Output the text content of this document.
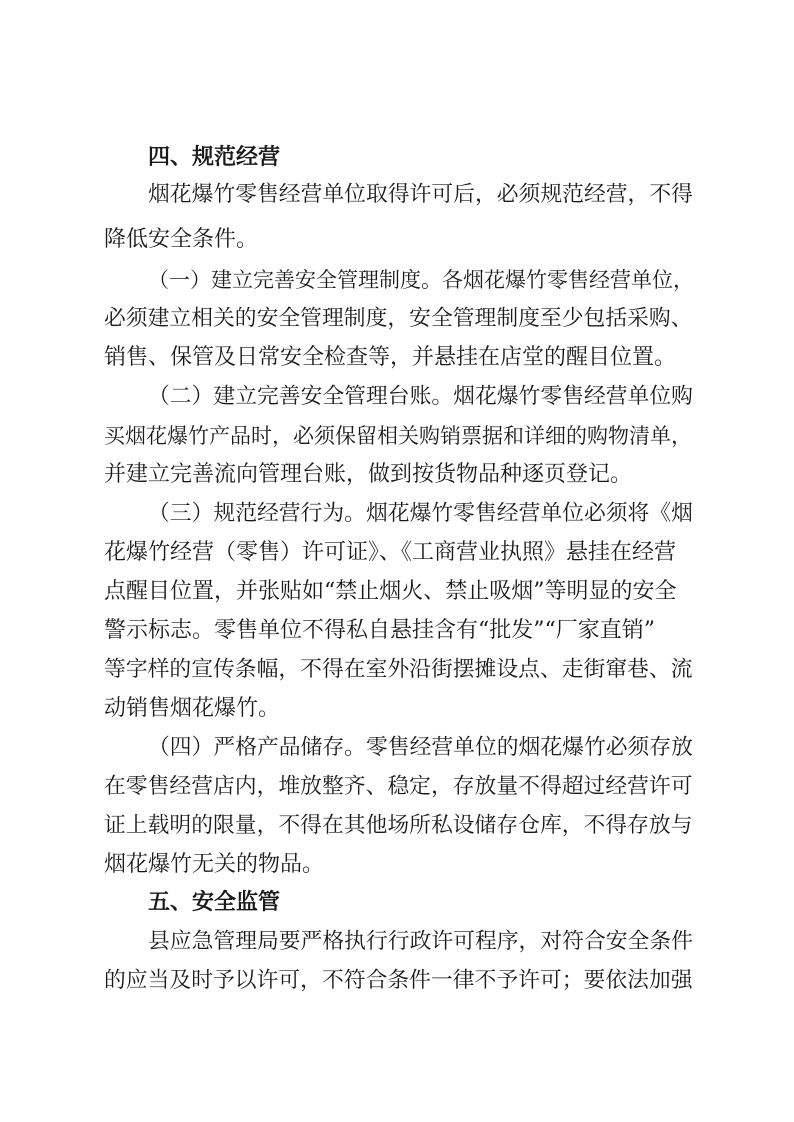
四、规范经营
烟花爆竹零售经营单位取得许可后，必须规范经营，不得
降低安全条件。
（一）建立完善安全管理制度。各烟花爆竹零售经营单位，
必须建立相关的安全管理制度，安全管理制度至少包括采购、
销售、保管及日常安全检查等，并悬挂在店堂的醒目位置。
（二）建立完善安全管理台账。烟花爆竹零售经营单位购
买烟花爆竹产品时，必须保留相关购销票据和详细的购物清单，
并建立完善流向管理台账，做到按货物品种逐页登记。
（三）规范经营行为。烟花爆竹零售经营单位必须将《烟
花爆竹经营（零售）许可证》、《工商营业执照》悬挂在经营
点醒目位置，并张贴如“禁止烟火、禁止吸烟”等明显的安全
警示标志。零售单位不得私自悬挂含有“批发”“厂家直销”
等字样的宣传条幅，不得在室外沿街摆摊设点、走街窜巷、流
动销售烟花爆竹。
（四）严格产品储存。零售经营单位的烟花爆竹必须存放
在零售经营店内，堆放整齐、稳定，存放量不得超过经营许可
证上载明的限量，不得在其他场所私设储存仓库，不得存放与
烟花爆竹无关的物品。
五、安全监管
县应急管理局要严格执行行政许可程序，对符合安全条件
的应当及时予以许可，不符合条件一律不予许可；要依法加强
